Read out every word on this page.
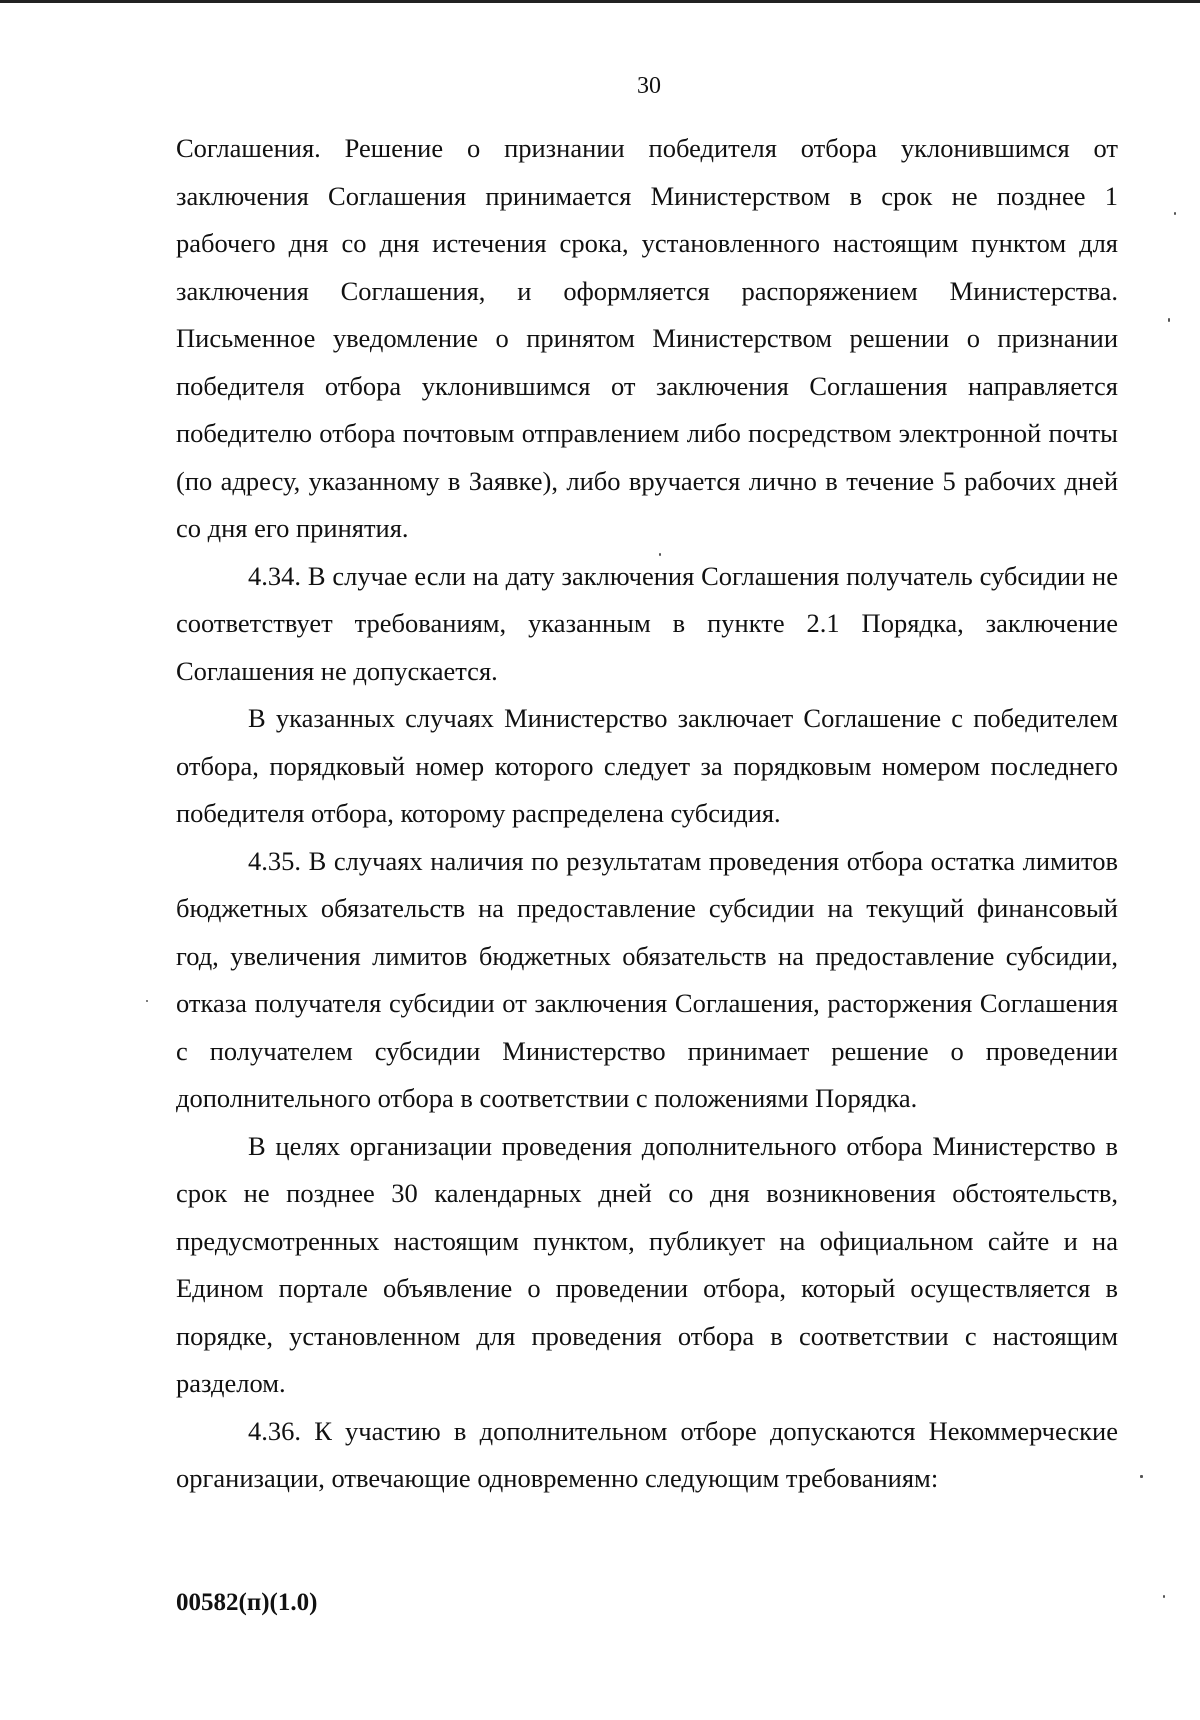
30

Соглашения. Решение о признании победителя отбора уклонившимся от заключения Соглашения принимается Министерством в срок не позднее 1 рабочего дня со дня истечения срока, установленного настоящим пунктом для заключения Соглашения, и оформляется распоряжением Министерства. Письменное уведомление о принятом Министерством решении о признании победителя отбора уклонившимся от заключения Соглашения направляется победителю отбора почтовым отправлением либо посредством электронной почты (по адресу, указанному в Заявке), либо вручается лично в течение 5 рабочих дней со дня его принятия.

4.34. В случае если на дату заключения Соглашения получатель субсидии не соответствует требованиям, указанным в пункте 2.1 Порядка, заключение Соглашения не допускается.

В указанных случаях Министерство заключает Соглашение с победителем отбора, порядковый номер которого следует за порядковым номером последнего победителя отбора, которому распределена субсидия.

4.35. В случаях наличия по результатам проведения отбора остатка лимитов бюджетных обязательств на предоставление субсидии на текущий финансовый год, увеличения лимитов бюджетных обязательств на предоставление субсидии, отказа получателя субсидии от заключения Соглашения, расторжения Соглашения с получателем субсидии Министерство принимает решение о проведении дополнительного отбора в соответствии с положениями Порядка.

В целях организации проведения дополнительного отбора Министерство в срок не позднее 30 календарных дней со дня возникновения обстоятельств, предусмотренных настоящим пунктом, публикует на официальном сайте и на Едином портале объявление о проведении отбора, который осуществляется в порядке, установленном для проведения отбора в соответствии с настоящим разделом.

4.36. К участию в дополнительном отборе допускаются Некоммерческие организации, отвечающие одновременно следующим требованиям:

00582(п)(1.0)
